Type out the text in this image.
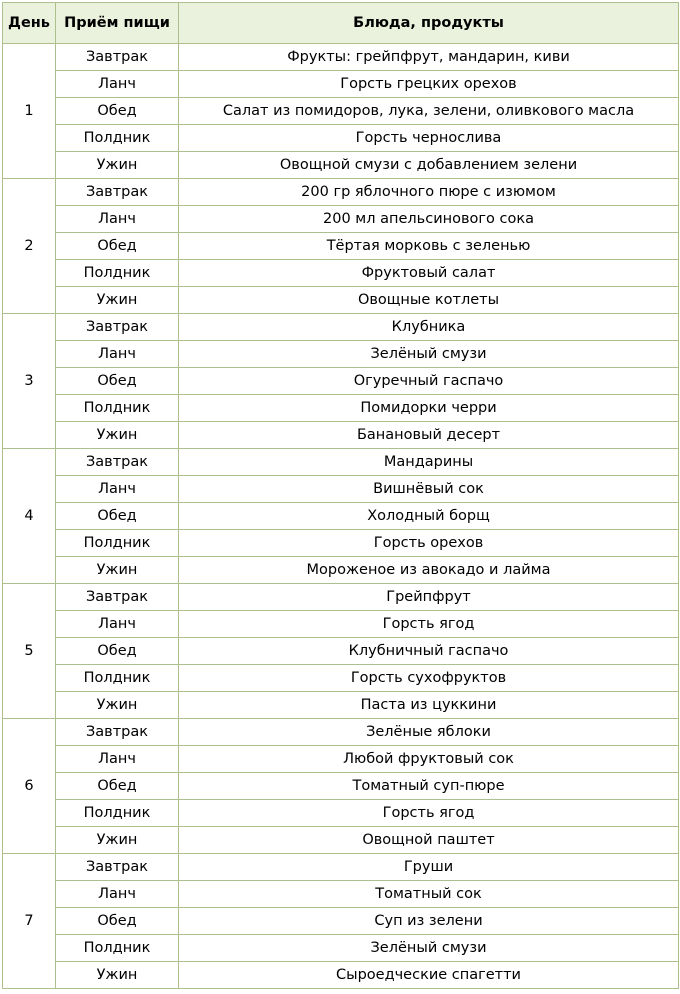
День	Приём пищи	Блюда, продукты
1	Завтрак	Фрукты: грейпфрут, мандарин, киви
	Ланч	Горсть грецких орехов
	Обед	Салат из помидоров, лука, зелени, оливкового масла
	Полдник	Горсть чернослива
	Ужин	Овощной смузи с добавлением зелени
2	Завтрак	200 гр яблочного пюре с изюмом
	Ланч	200 мл апельсинового сока
	Обед	Тёртая морковь с зеленью
	Полдник	Фруктовый салат
	Ужин	Овощные котлеты
3	Завтрак	Клубника
	Ланч	Зелёный смузи
	Обед	Огуречный гаспачо
	Полдник	Помидорки черри
	Ужин	Банановый десерт
4	Завтрак	Мандарины
	Ланч	Вишнёвый сок
	Обед	Холодный борщ
	Полдник	Горсть орехов
	Ужин	Мороженое из авокадо и лайма
5	Завтрак	Грейпфрут
	Ланч	Горсть ягод
	Обед	Клубничный гаспачо
	Полдник	Горсть сухофруктов
	Ужин	Паста из цуккини
6	Завтрак	Зелёные яблоки
	Ланч	Любой фруктовый сок
	Обед	Томатный суп-пюре
	Полдник	Горсть ягод
	Ужин	Овощной паштет
7	Завтрак	Груши
	Ланч	Томатный сок
	Обед	Суп из зелени
	Полдник	Зелёный смузи
	Ужин	Сыроедческие спагетти
